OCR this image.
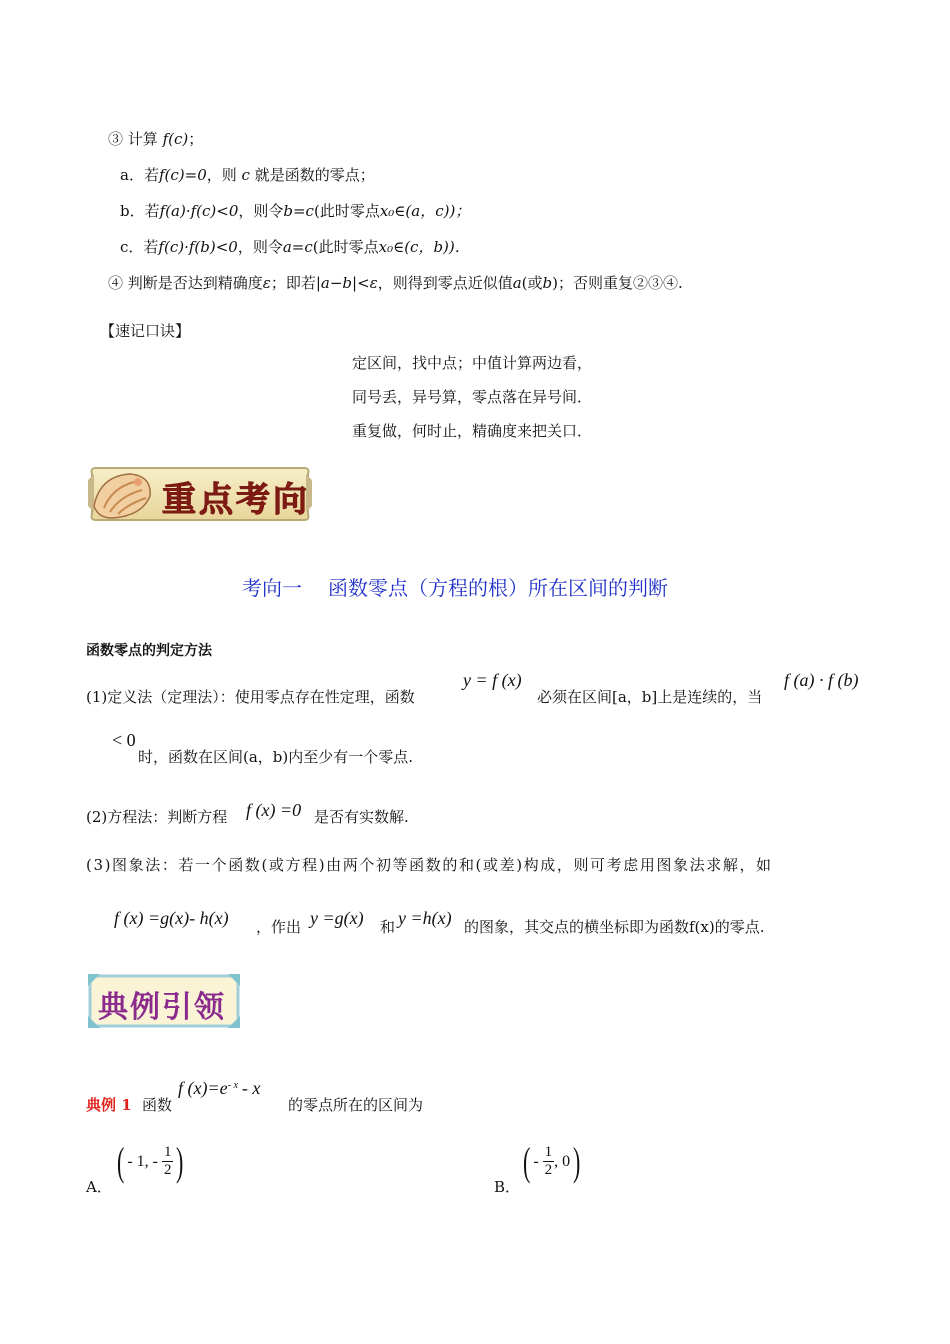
③ 计算 f(c)；
a．若f(c)=0，则 c 就是函数的零点；
b．若f(a)·f(c)<0，则令b=c(此时零点x₀∈(a，c))；
c．若f(c)·f(b)<0，则令a=c(此时零点x₀∈(c，b))．
④ 判断是否达到精确度ε；即若|a−b|<ε，则得到零点近似值a(或b)；否则重复②③④.
【速记口诀】
定区间，找中点；中值计算两边看，
同号丢，异号算，零点落在异号间．
重复做，何时止，精确度来把关口．
重点考向
考向一 函数零点（方程的根）所在区间的判断
函数零点的判定方法
(1)定义法（定理法）：使用零点存在性定理，函数
y = f (x)
必须在区间[a，b]上是连续的，当
f (a) · f (b)
< 0
时，函数在区间(a，b)内至少有一个零点.
(2)方程法：判断方程 f (x) =0 是否有实数解.
(3)图象法：若一个函数(或方程)由两个初等函数的和(或差)构成，则可考虑用图象法求解，如
f (x) =g(x)- h(x) ，作出 y =g(x) 和 y =h(x) 的图象，其交点的横坐标即为函数f(x)的零点.
典例引领
典例 1 函数
f $(x)=e^{- x} - x$
的零点所在的区间为
A．
( - 1, - $\frac{1}{2}$ )
B．
( - $\frac{1}{2}$ , 0 )
